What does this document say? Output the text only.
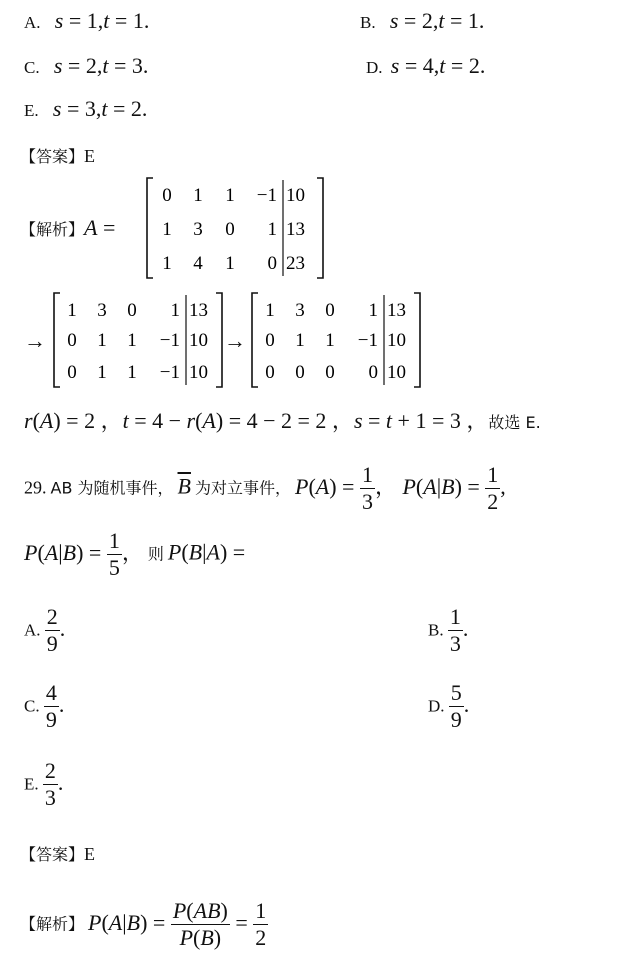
A. s = 1,t = 1.	B. s = 2,t = 1.
C. s = 2,t = 3.	D. s = 4,t = 2.
E. s = 3,t = 2.
【答案】E
【解析】A =
0 1 1 −1 10
1 3 0 1 13
1 4 1 0 23
→
1 3 0 1 13
0 1 1 −1 10
0 1 1 −1 10
→
1 3 0 1 13
0 1 1 −1 10
0 0 0 0 10
r(A) = 2 ，t = 4 − r(A) = 4 − 2 = 2 ，s = t + 1 = 3 ，故选 E.
29. AB 为随机事件， $\overline{B}$ 为对立事件， $P(A) = \frac{1}{3}$ ， $P(A|B) = \frac{1}{2}$ ,
$P(A|B) = \frac{1}{5}$ ， 则 P(B|A) =
A. $\frac{2}{9}$ .	B. $\frac{1}{3}$ .
C. $\frac{4}{9}$ .	D. $\frac{5}{9}$ .
E. $\frac{2}{3}$ .
【答案】E
【解析】 $P(A|B) = \frac{P(AB)}{P(B)} = \frac{1}{2}$
